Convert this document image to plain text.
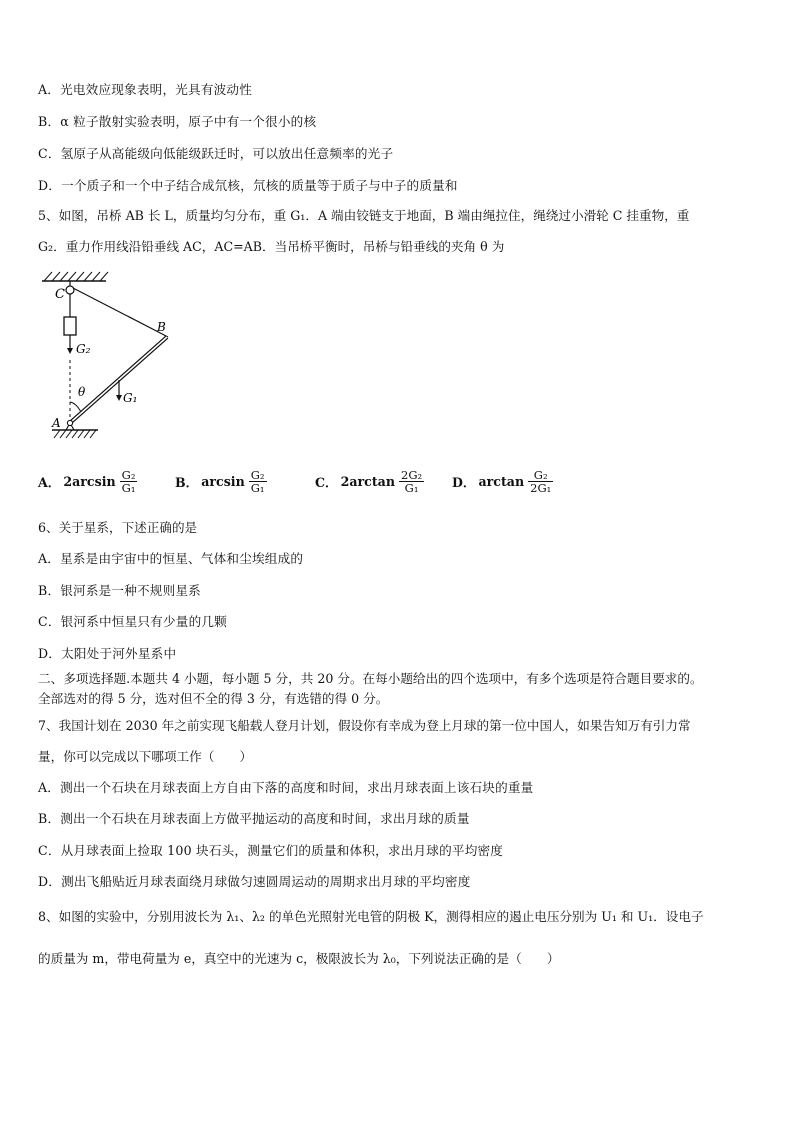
A．光电效应现象表明，光具有波动性
B．α 粒子散射实验表明，原子中有一个很小的核
C．氢原子从高能级向低能级跃迁时，可以放出任意频率的光子
D．一个质子和一个中子结合成氘核，氘核的质量等于质子与中子的质量和
5、如图，吊桥 AB 长 L，质量均匀分布，重 G₁．A 端由铰链支于地面，B 端由绳拉住，绳绕过小滑轮 C 挂重物，重
G₂．重力作用线沿铅垂线 AC，AC=AB．当吊桥平衡时，吊桥与铅垂线的夹角 θ 为
C
B
A
G₂
G₁
θ
A． $2\arcsin \frac{\text{G₂}}{\text{G₁}}$	B． $\arcsin \frac{\text{G₂}}{\text{G₁}}$	C． $2\arctan \frac{\text{2G₂}}{\text{G₁}}$ D． $\arctan \frac{\text{G₂}}{\text{2G₁}}$
6、关于星系，下述正确的是
A．星系是由宇宙中的恒星、气体和尘埃组成的
B．银河系是一种不规则星系
C．银河系中恒星只有少量的几颗
D．太阳处于河外星系中
二、多项选择题.本题共 4 小题，每小题 5 分，共 20 分。在每小题给出的四个选项中，有多个选项是符合题目要求的。
全部选对的得 5 分，选对但不全的得 3 分，有选错的得 0 分。
7、我国计划在 2030 年之前实现飞船载人登月计划，假设你有幸成为登上月球的第一位中国人，如果告知万有引力常
量，你可以完成以下哪项工作（　　）
A．测出一个石块在月球表面上方自由下落的高度和时间，求出月球表面上该石块的重量
B．测出一个石块在月球表面上方做平抛运动的高度和时间，求出月球的质量
C．从月球表面上捡取 100 块石头，测量它们的质量和体积，求出月球的平均密度
D．测出飞船贴近月球表面绕月球做匀速圆周运动的周期求出月球的平均密度
8、如图的实验中，分别用波长为 λ₁、λ₂ 的单色光照射光电管的阴极 K，测得相应的遏止电压分别为 U₁ 和 U₁．设电子
的质量为 m，带电荷量为 e，真空中的光速为 c，极限波长为 λ₀，下列说法正确的是（　　）
